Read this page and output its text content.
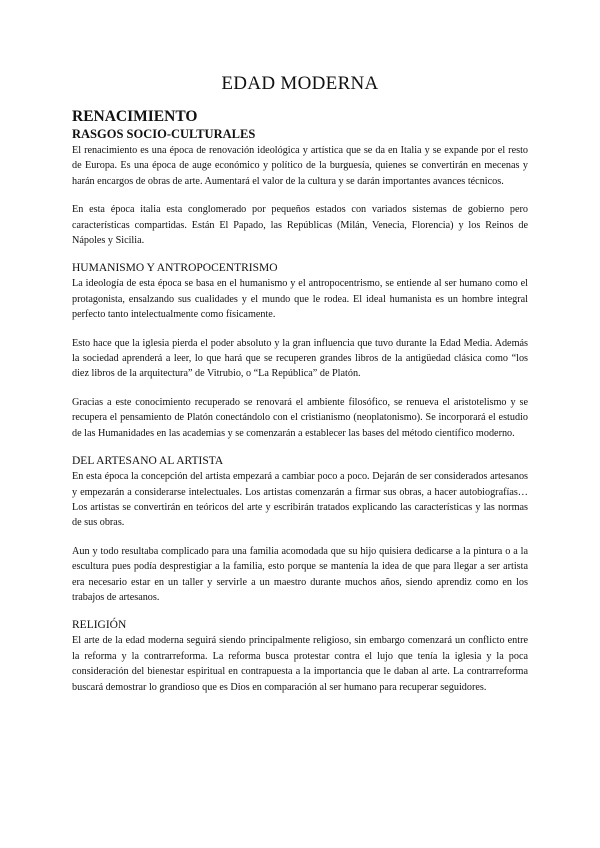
EDAD MODERNA
RENACIMIENTO
RASGOS SOCIO-CULTURALES

El renacimiento es una época de renovación ideológica y artística que se da en Italia y se expande por el resto de Europa. Es una época de auge económico y político de la burguesía, quienes se convertirán en mecenas y harán encargos de obras de arte. Aumentará el valor de la cultura y se darán importantes avances técnicos.

En esta época italia esta conglomerado por pequeños estados con variados sistemas de gobierno pero características compartidas. Están El Papado, las Repúblicas (Milán, Venecia, Florencia) y los Reinos de Nápoles y Sicilia.

HUMANISMO Y ANTROPOCENTRISMO

La ideología de esta época se basa en el humanismo y el antropocentrismo, se entiende al ser humano como el protagonista, ensalzando sus cualidades y el mundo que le rodea. El ideal humanista es un hombre integral perfecto tanto intelectualmente como físicamente.

Esto hace que la iglesia pierda el poder absoluto y la gran influencia que tuvo durante la Edad Media. Además la sociedad aprenderá a leer, lo que hará que se recuperen grandes libros de la antigüedad clásica como “los diez libros de la arquitectura” de Vitrubio, o “La República” de Platón.

Gracias a este conocimiento recuperado se renovará el ambiente filosófico, se renueva el aristotelismo y se recupera el pensamiento de Platón conectándolo con el cristianismo (neoplatonismo). Se incorporará el estudio de las Humanidades en las academias y se comenzarán a establecer las bases del método científico moderno.

DEL ARTESANO AL ARTISTA

En esta época la concepción del artista empezará a cambiar poco a poco. Dejarán de ser considerados artesanos y empezarán a considerarse intelectuales. Los artistas comenzarán a firmar sus obras, a hacer autobiografías… Los artistas se convertirán en teóricos del arte y escribirán tratados explicando las características y las normas de sus obras.

Aun y todo resultaba complicado para una familia acomodada que su hijo quisiera dedicarse a la pintura o a la escultura pues podía desprestigiar a la familia, esto porque se mantenía la idea de que para llegar a ser artista era necesario estar en un taller y servirle a un maestro durante muchos años, siendo aprendiz como en los trabajos de artesanos.

RELIGIÓN

El arte de la edad moderna seguirá siendo principalmente religioso, sin embargo comenzará un conflicto entre la reforma y la contrarreforma. La reforma busca protestar contra el lujo que tenía la iglesia y la poca consideración del bienestar espiritual en contrapuesta a la importancia que le daban al arte. La contrarreforma buscará demostrar lo grandioso que es Dios en comparación al ser humano para recuperar seguidores.
